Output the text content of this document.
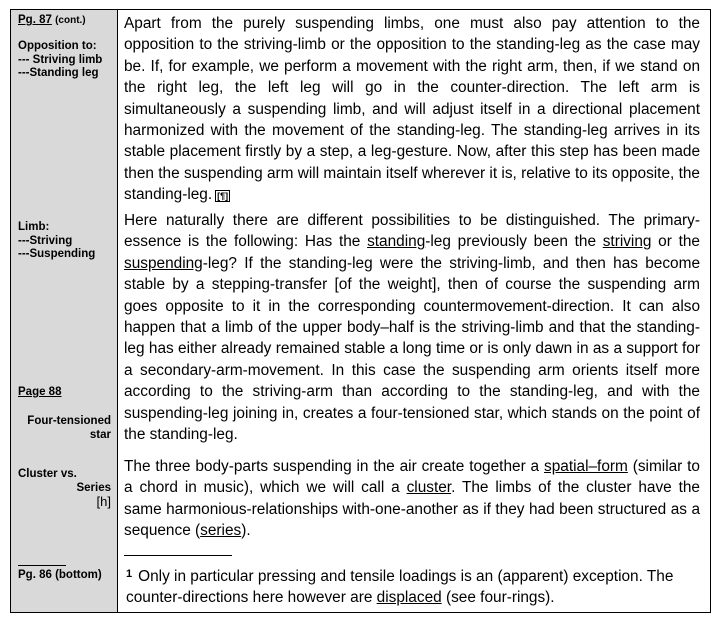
Pg. 87 (cont.)
Opposition to:
--- Striving limb
---Standing leg
Limb:
---Striving
---Suspending
Page 88
Four-tensioned
star
Cluster vs.
Series
[h]
Pg. 86 (bottom)
Apart from the purely suspending limbs, one must also pay attention to the opposition to the striving-limb or the opposition to the standing-leg as the case may be. If, for example, we perform a movement with the right arm, then, if we stand on the right leg, the left leg will go in the counter-direction. The left arm is simultaneously a suspending limb, and will adjust itself in a directional placement harmonized with the movement of the standing-leg. The standing-leg arrives in its stable placement firstly by a step, a leg-gesture. Now, after this step has been made then the suspending arm will maintain itself wherever it is, relative to its opposite, the standing-leg. [¶]
Here naturally there are different possibilities to be distinguished. The primary-essence is the following: Has the standing-leg previously been the striving or the suspending-leg? If the standing-leg were the striving-limb, and then has become stable by a stepping-transfer [of the weight], then of course the suspending arm goes opposite to it in the corresponding countermovement-direction. It can also happen that a limb of the upper body–half is the striving-limb and that the standing-leg has either already remained stable a long time or is only dawn in as a support for a secondary-arm-movement. In this case the suspending arm orients itself more according to the striving-arm than according to the standing-leg, and with the suspending-leg joining in, creates a four-tensioned star, which stands on the point of the standing-leg.
The three body-parts suspending in the air create together a spatial–form (similar to a chord in music), which we will call a cluster. The limbs of the cluster have the same harmonious-relationships with-one-another as if they had been structured as a sequence (series).
$^1$ Only in particular pressing and tensile loadings is an (apparent) exception. The counter-directions here however are displaced (see four-rings).
